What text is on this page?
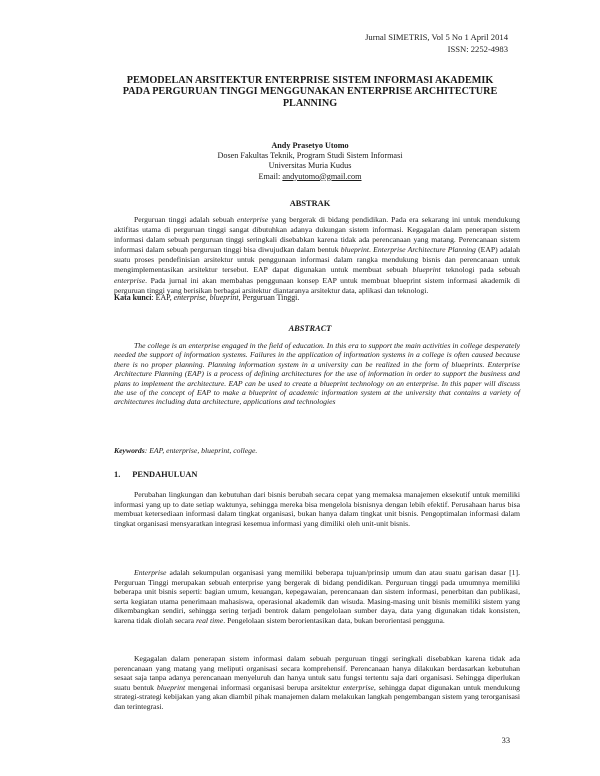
Jurnal SIMETRIS, Vol 5 No 1 April 2014
ISSN: 2252-4983
PEMODELAN ARSITEKTUR ENTERPRISE SISTEM INFORMASI AKADEMIK
PADA PERGURUAN TINGGI MENGGUNAKAN ENTERPRISE ARCHITECTURE
PLANNING
Andy Prasetyo Utomo
Dosen Fakultas Teknik, Program Studi Sistem Informasi
Universitas Muria Kudus
Email: andyutomo@gmail.com
ABSTRAK

Perguruan tinggi adalah sebuah enterprise yang bergerak di bidang pendidikan. Pada era sekarang ini untuk mendukung aktifitas utama di perguruan tinggi sangat dibutuhkan adanya dukungan sistem informasi. Kegagalan dalam penerapan sistem informasi dalam sebuah perguruan tinggi seringkali disebabkan karena tidak ada perencanaan yang matang. Perencanaan sistem informasi dalam sebuah perguruan tinggi bisa diwujudkan dalam bentuk blueprint. Enterprise Architecture Planning (EAP) adalah suatu proses pendefinisian arsitektur untuk penggunaan informasi dalam rangka mendukung bisnis dan perencanaan untuk mengimplementasikan arsitektur tersebut. EAP dapat digunakan untuk membuat sebuah blueprint teknologi pada sebuah enterprise. Pada jurnal ini akan membahas penggunaan konsep EAP untuk membuat blueprint sistem informasi akademik di perguruan tinggi yang berisikan berbagai arsitektur diantaranya arsitektur data, aplikasi dan teknologi.

Kata kunci: EAP, enterprise, blueprint, Perguruan Tinggi.
ABSTRACT

The college is an enterprise engaged in the field of education. In this era to support the main activities in college desperately needed the support of information systems. Failures in the application of information systems in a college is often caused because there is no proper planning. Planning information system in a university can be realized in the form of blueprints. Enterprise Architecture Planning (EAP) is a process of defining architectures for the use of information in order to support the business and plans to implement the architecture. EAP can be used to create a blueprint technology on an enterprise. In this paper will discuss the use of the concept of EAP to make a blueprint of academic information system at the university that contains a variety of architectures including data architecture, applications and technologies

Keywords: EAP, enterprise, blueprint, college.
1. PENDAHULUAN

Perubahan lingkungan dan kebutuhan dari bisnis berubah secara cepat yang memaksa manajemen eksekutif untuk memiliki informasi yang up to date setiap waktunya, sehingga mereka bisa mengelola bisnisnya dengan lebih efektif. Perusahaan harus bisa membuat ketersediaan informasi dalam tingkat organisasi, bukan hanya dalam tingkat unit bisnis. Pengoptimalan informasi dalam tingkat organisasi mensyaratkan integrasi kesemua informasi yang dimiliki oleh unit-unit bisnis.

Enterprise adalah sekumpulan organisasi yang memiliki beberapa tujuan/prinsip umum dan atau suatu garisan dasar [1]. Perguruan Tinggi merupakan sebuah enterprise yang bergerak di bidang pendidikan. Perguruan tinggi pada umumnya memiliki beberapa unit bisnis seperti: bagian umum, keuangan, kepegawaian, perencanaan dan sistem informasi, penerbitan dan publikasi, serta kegiatan utama penerimaan mahasiswa, operasional akademik dan wisuda. Masing-masing unit bisnis memiliki sistem yang dikembangkan sendiri, sehingga sering terjadi bentrok dalam pengelolaan sumber daya, data yang digunakan tidak konsisten, karena tidak diolah secara real time. Pengelolaan sistem berorientasikan data, bukan berorientasi pengguna.

Kegagalan dalam penerapan sistem informasi dalam sebuah perguruan tinggi seringkali disebabkan karena tidak ada perencanaan yang matang yang meliputi organisasi secara komprehensif. Perencanaan hanya dilakukan berdasarkan kebutuhan sesaat saja tanpa adanya perencanaan menyeluruh dan hanya untuk satu fungsi tertentu saja dari organisasi. Sehingga diperlukan suatu bentuk blueprint mengenai informasi organisasi berupa arsitektur enterprise, sehingga dapat digunakan untuk mendukung strategi-strategi kebijakan yang akan diambil pihak manajemen dalam melakukan langkah pengembangan sistem yang terorganisasi dan terintegrasi.

33
